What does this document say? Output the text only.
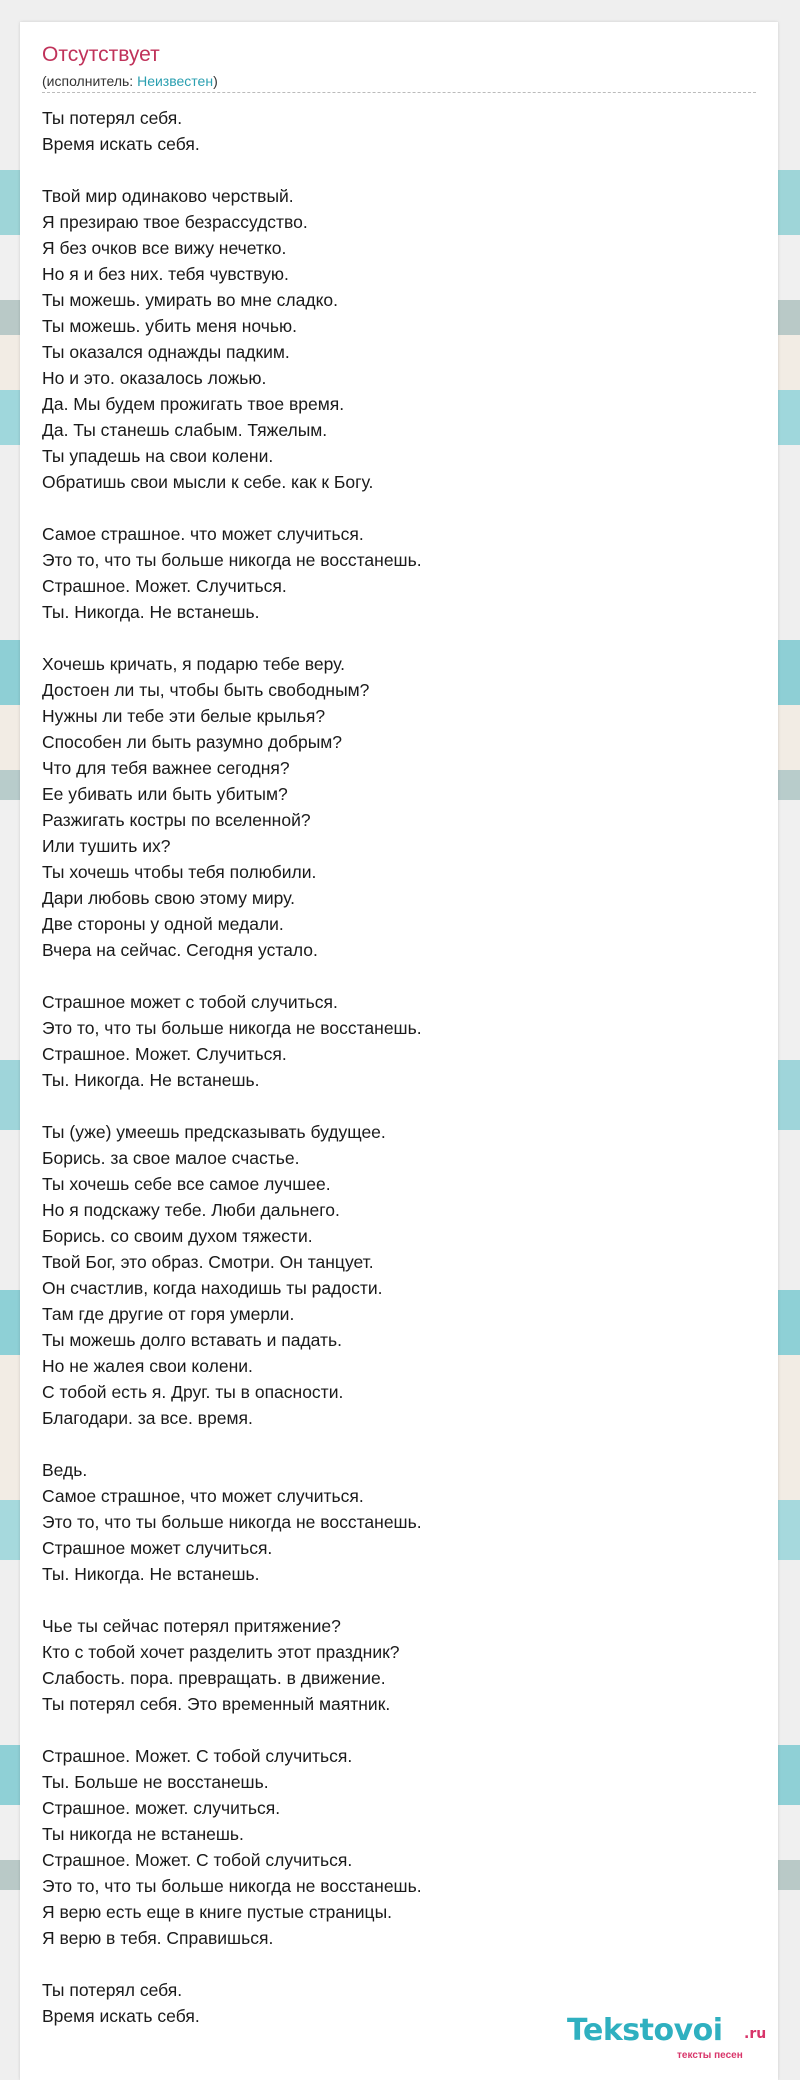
Отсутствует
(исполнитель: Неизвестен)
Ты потерял себя.
Время искать себя.
Твой мир одинаково черствый.
Я презираю твое безрассудство.
Я без очков все вижу нечетко.
Но я и без них. тебя чувствую.
Ты можешь. умирать во мне сладко.
Ты можешь. убить меня ночью.
Ты оказался однажды падким.
Но и это. оказалось ложью.
Да. Мы будем прожигать твое время.
Да. Ты станешь слабым. Тяжелым.
Ты упадешь на свои колени.
Обратишь свои мысли к себе. как к Богу.
Самое страшное. что может случиться.
Это то, что ты больше никогда не восстанешь.
Страшное. Может. Случиться.
Ты. Никогда. Не встанешь.
Хочешь кричать, я подарю тебе веру.
Достоен ли ты, чтобы быть свободным?
Нужны ли тебе эти белые крылья?
Способен ли быть разумно добрым?
Что для тебя важнее сегодня?
Ее убивать или быть убитым?
Разжигать костры по вселенной?
Или тушить их?
Ты хочешь чтобы тебя полюбили.
Дари любовь свою этому миру.
Две стороны у одной медали.
Вчера на сейчас. Сегодня устало.
Страшное может с тобой случиться.
Это то, что ты больше никогда не восстанешь.
Страшное. Может. Случиться.
Ты. Никогда. Не встанешь.
Ты (уже) умеешь предсказывать будущее.
Борись. за свое малое счастье.
Ты хочешь себе все самое лучшее.
Но я подскажу тебе. Люби дальнего.
Борись. со своим духом тяжести.
Твой Бог, это образ. Смотри. Он танцует.
Он счастлив, когда находишь ты радости.
Там где другие от горя умерли.
Ты можешь долго вставать и падать.
Но не жалея свои колени.
С тобой есть я. Друг. ты в опасности.
Благодари. за все. время.
Ведь.
Самое страшное, что может случиться.
Это то, что ты больше никогда не восстанешь.
Страшное может случиться.
Ты. Никогда. Не встанешь.
Чье ты сейчас потерял притяжение?
Кто с тобой хочет разделить этот праздник?
Слабость. пора. превращать. в движение.
Ты потерял себя. Это временный маятник.
Страшное. Может. С тобой случиться.
Ты. Больше не восстанешь.
Страшное. может. случиться.
Ты никогда не встанешь.
Страшное. Может. С тобой случиться.
Это то, что ты больше никогда не восстанешь.
Я верю есть еще в книге пустые страницы.
Я верю в тебя. Справишься.
Ты потерял себя.
Время искать себя.	Tekstovoi .ru
тексты песен
